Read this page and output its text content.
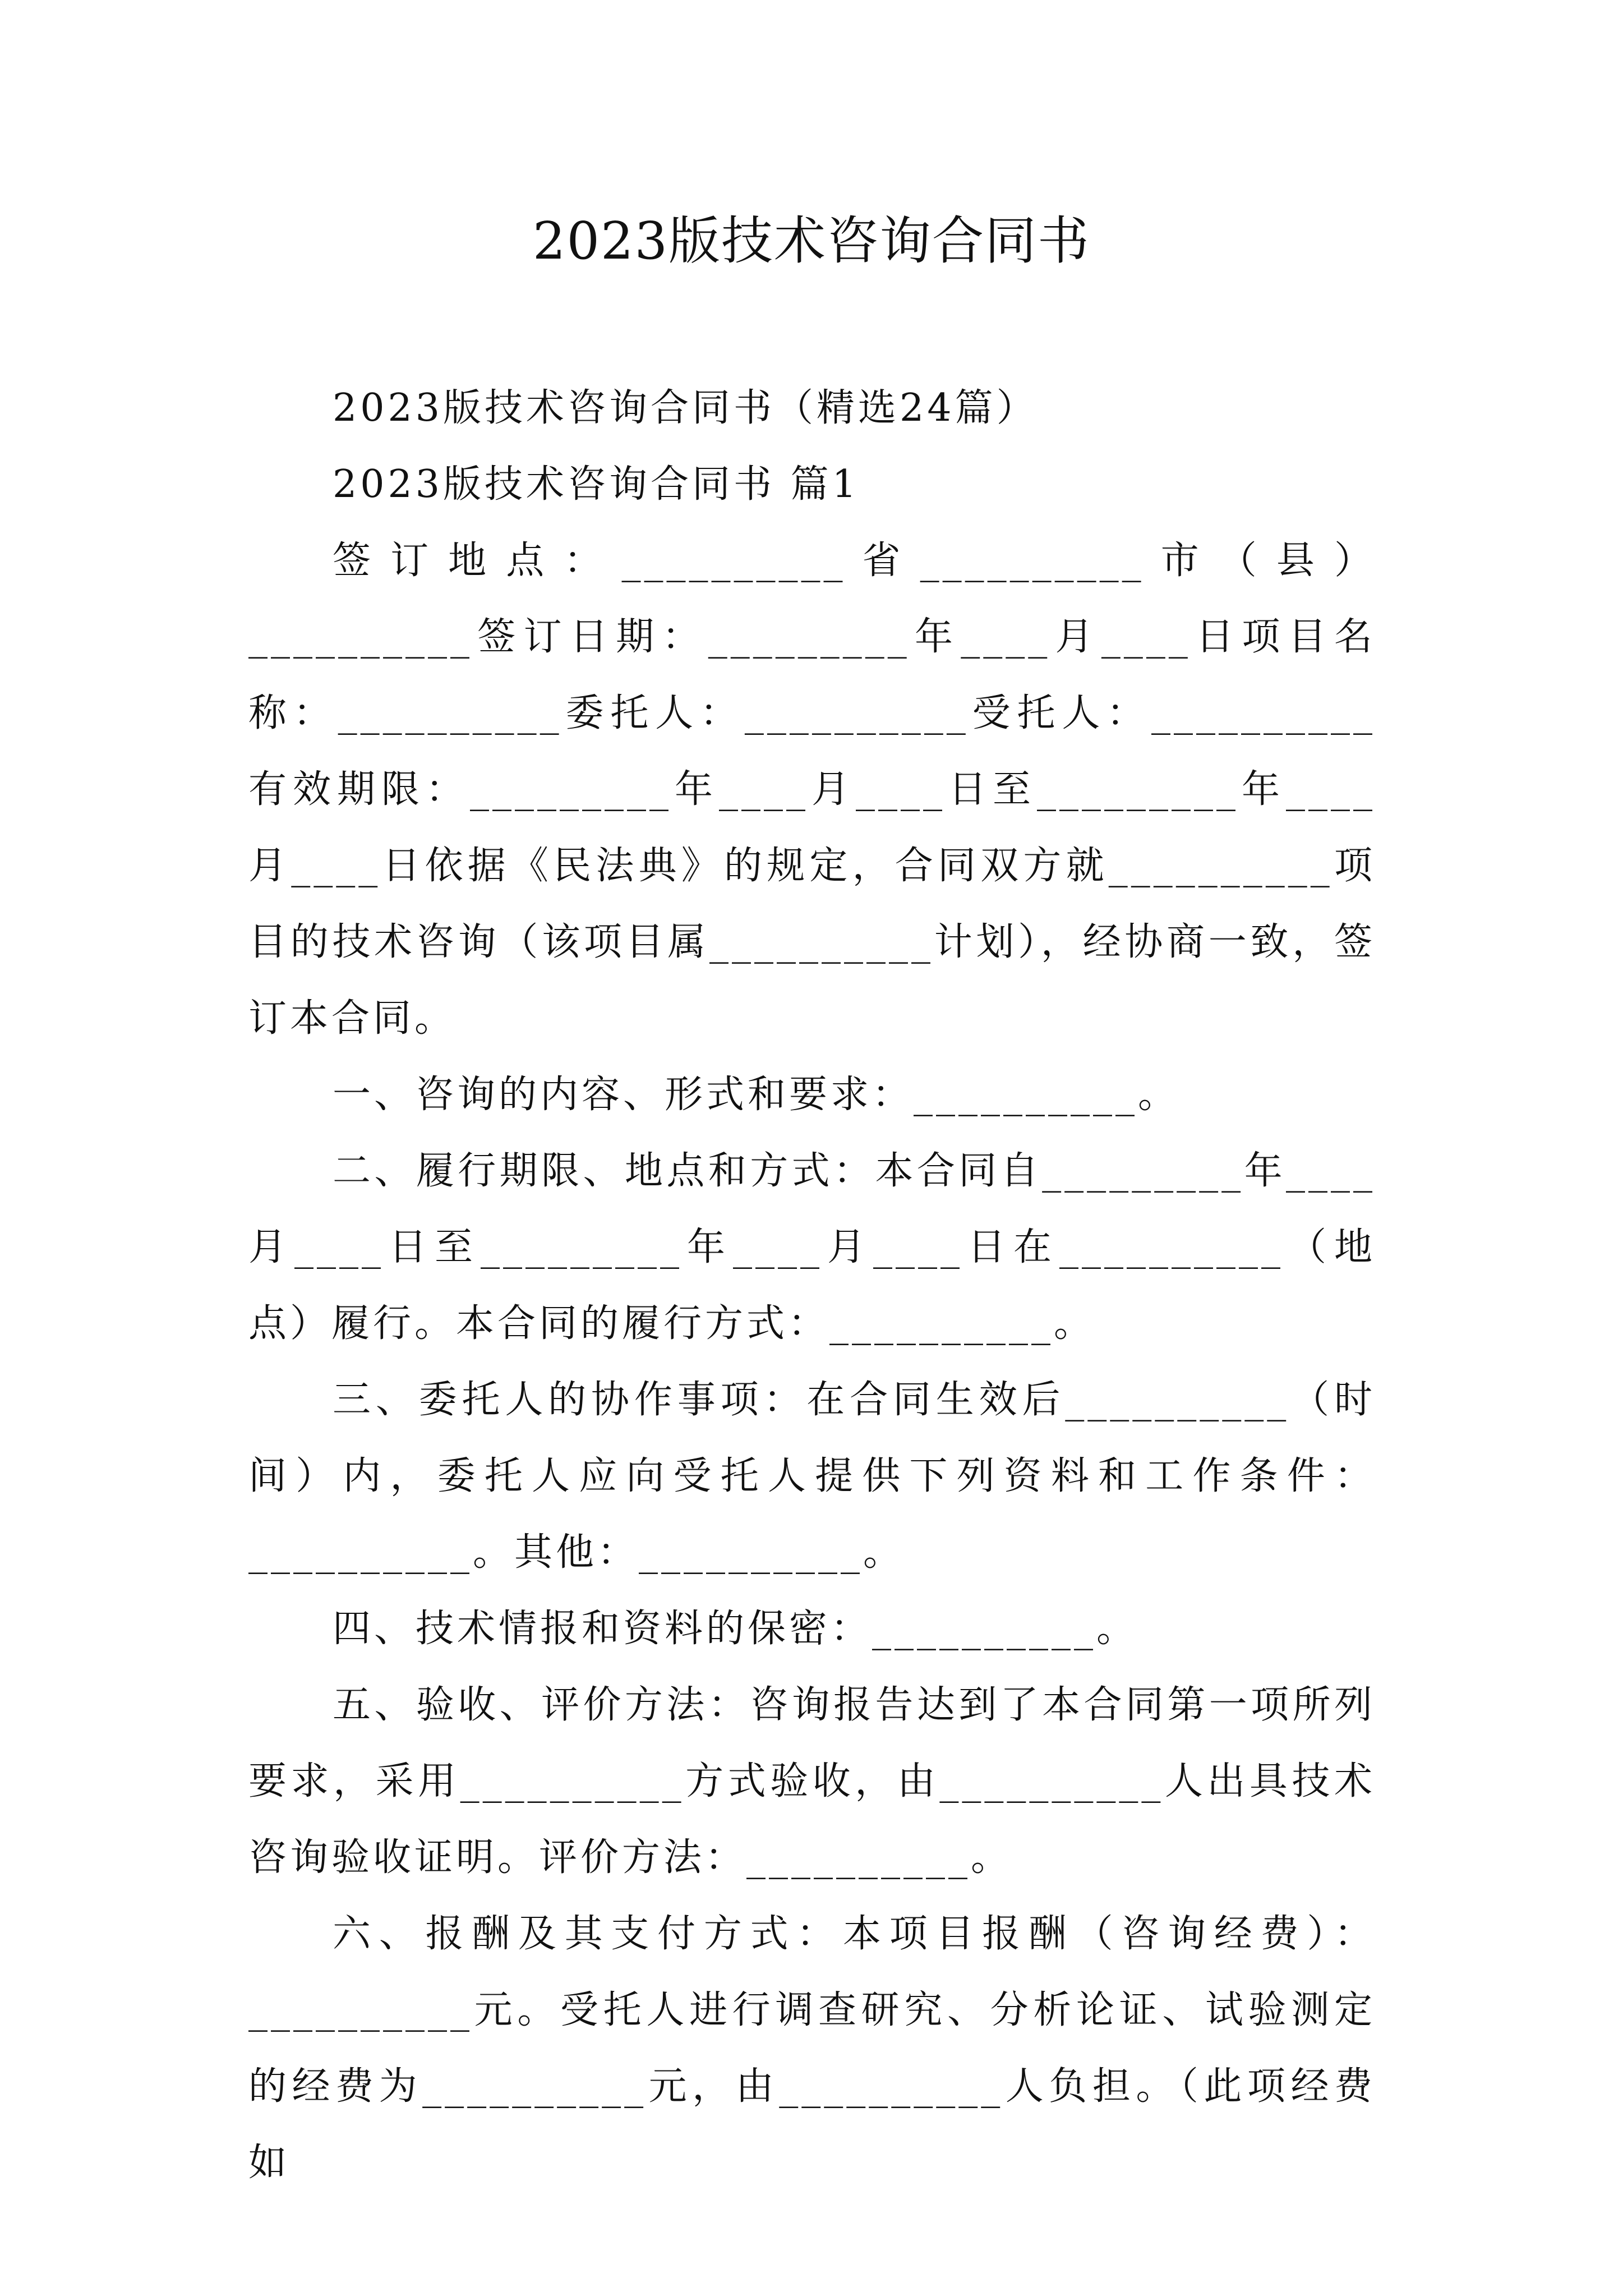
2023版技术咨询合同书

2023版技术咨询合同书（精选24篇）

2023版技术咨询合同书 篇1

签订地点：__________省__________市（县）__________签订日期：_________年____月____日项目名称：__________委托人：__________受托人：__________有效期限：_________年____月____日至_________年____月____日依据《民法典》的规定，合同双方就__________项目的技术咨询（该项目属__________计划），经协商一致，签订本合同。

一、咨询的内容、形式和要求：__________。

二、履行期限、地点和方式：本合同自_________年____月____日至_________年____月____日在__________（地点）履行。本合同的履行方式：__________。

三、委托人的协作事项：在合同生效后__________（时间）内，委托人应向受托人提供下列资料和工作条件：__________。其他：__________。

四、技术情报和资料的保密：__________。

五、验收、评价方法：咨询报告达到了本合同第一项所列要求，采用__________方式验收，由__________人出具技术咨询验收证明。评价方法：__________。

六、报酬及其支付方式：本项目报酬（咨询经费）：__________元。受托人进行调查研究、分析论证、试验测定的经费为__________元，由__________人负担。（此项经费如
